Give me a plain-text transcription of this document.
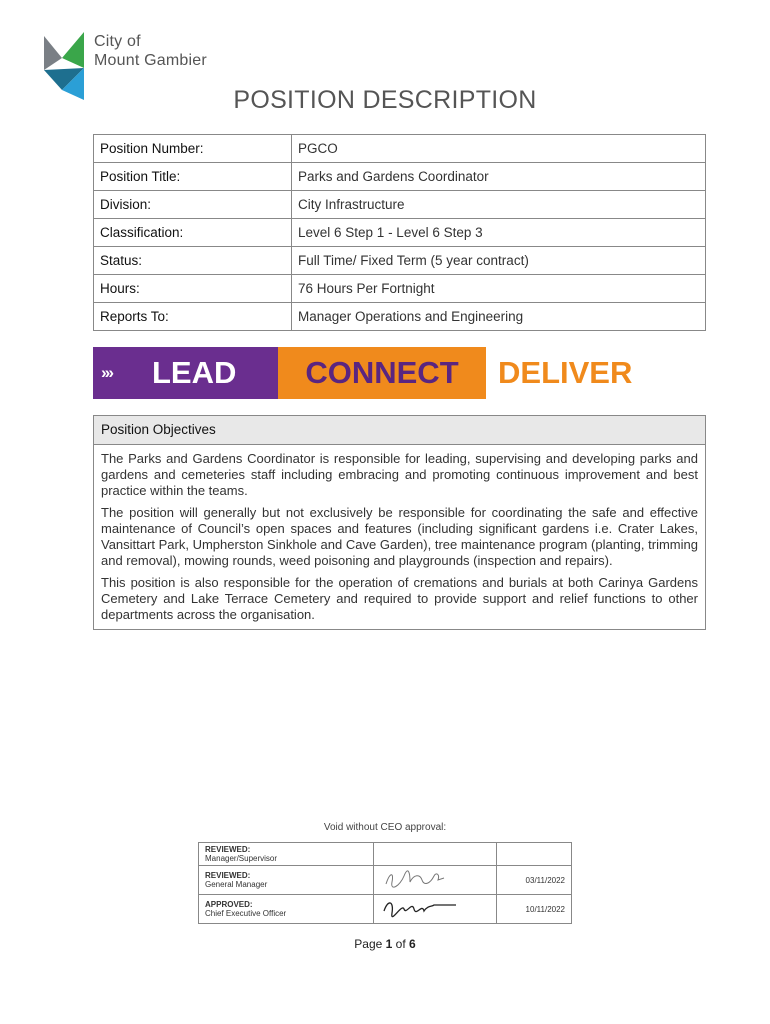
City of
Mount Gambier
POSITION DESCRIPTION
Position Number:	PGCO
Position Title:	Parks and Gardens Coordinator
Division:	City Infrastructure
Classification:	Level 6 Step 1 - Level 6 Step 3
Status:	Full Time/ Fixed Term (5 year contract)
Hours:	76 Hours Per Fortnight
Reports To:	Manager Operations and Engineering
››› LEAD	CONNECT	DELIVER
Position Objectives

The Parks and Gardens Coordinator is responsible for leading, supervising and developing parks and gardens and cemeteries staff including embracing and promoting continuous improvement and best practice within the teams.

The position will generally but not exclusively be responsible for coordinating the safe and effective maintenance of Council’s open spaces and features (including significant gardens i.e. Crater Lakes, Vansittart Park, Umpherston Sinkhole and Cave Garden), tree maintenance program (planting, trimming and removal), mowing rounds, weed poisoning and playgrounds (inspection and repairs).

This position is also responsible for the operation of cremations and burials at both Carinya Gardens Cemetery and Lake Terrace Cemetery and required to provide support and relief functions to other departments across the organisation.

Void without CEO approval:
REVIEWED:
Manager/Supervisor		

REVIEWED:
General Manager		03/11/2022

APPROVED:
Chief Executive Officer		10/11/2022
Page 1 of 6
